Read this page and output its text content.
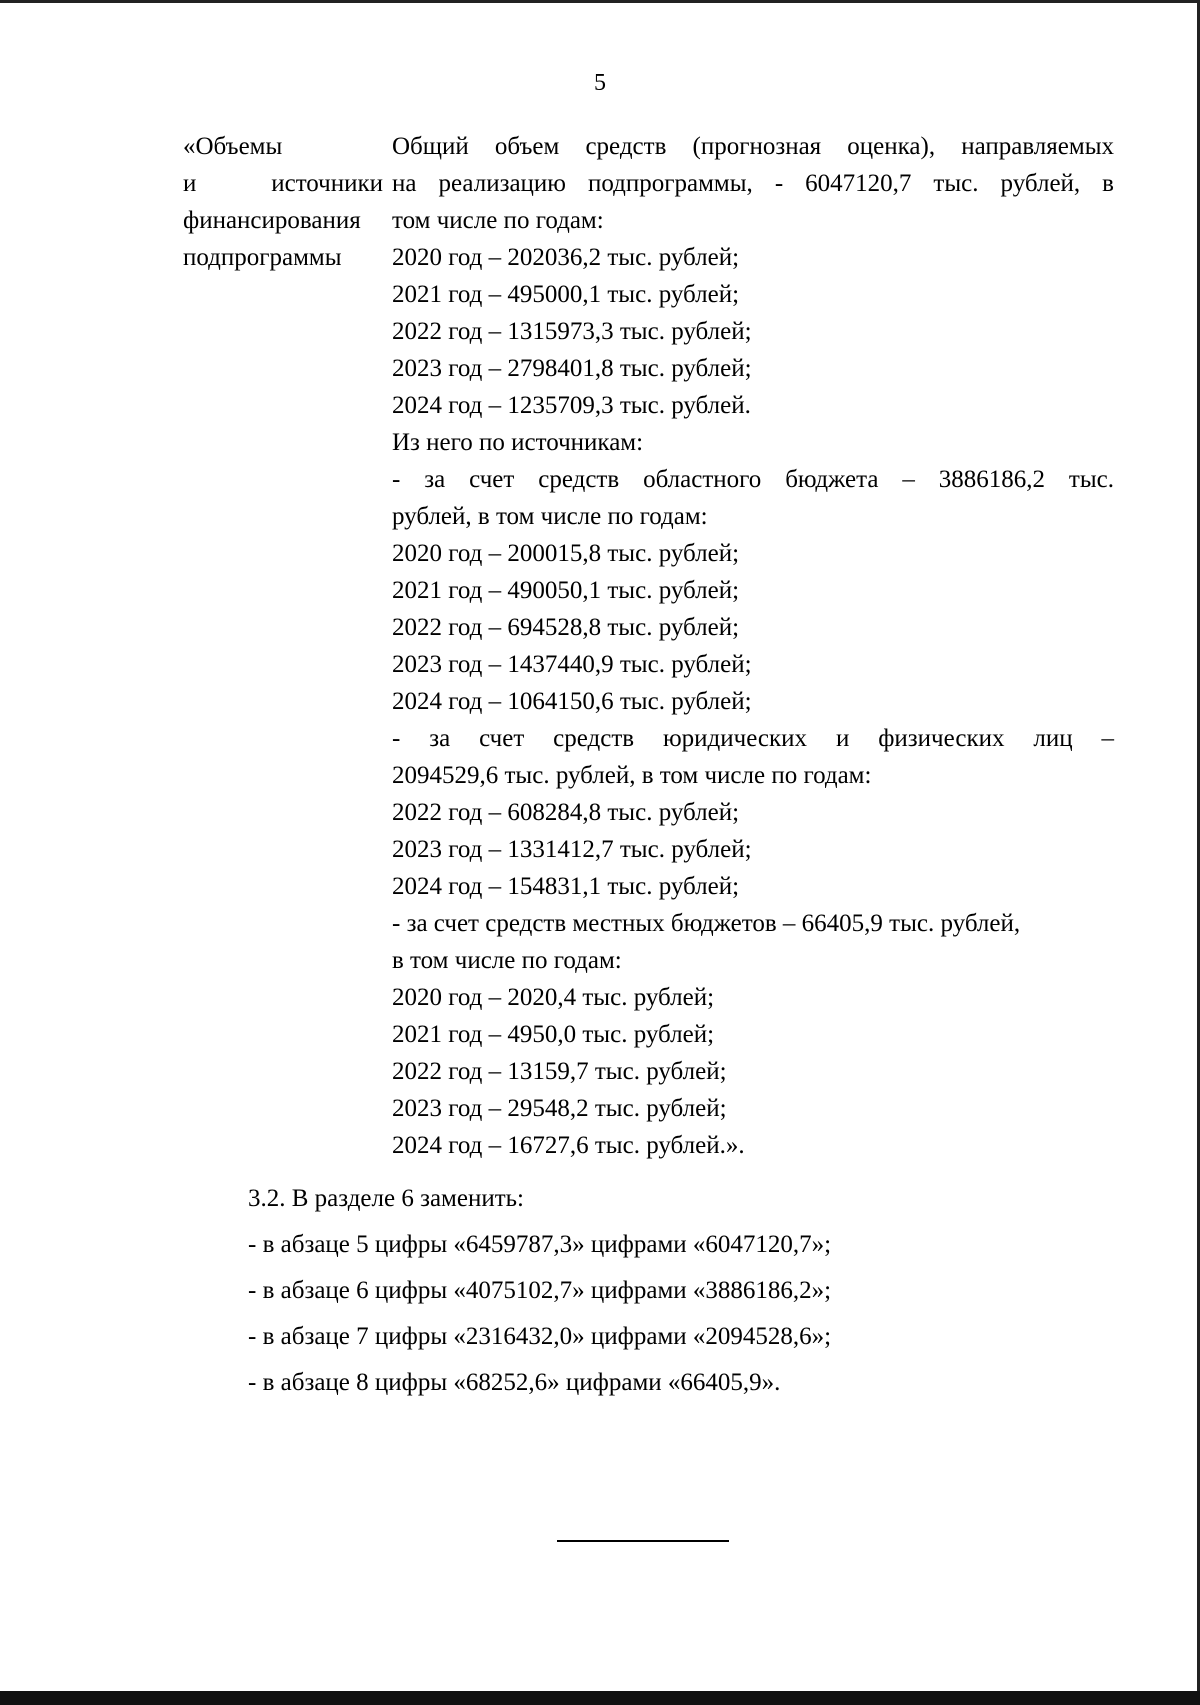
5
«Объемы
и	источники
финансирования
подпрограммы
Общий объем средств (прогнозная оценка), направляемых
на реализацию подпрограммы, - 6047120,7 тыс. рублей, в
том числе по годам:
2020 год – 202036,2 тыс. рублей;
2021 год – 495000,1 тыс. рублей;
2022 год – 1315973,3 тыс. рублей;
2023 год – 2798401,8 тыс. рублей;
2024 год – 1235709,3 тыс. рублей.
Из него по источникам:
- за счет средств областного бюджета – 3886186,2 тыс.
рублей, в том числе по годам:
2020 год – 200015,8 тыс. рублей;
2021 год – 490050,1 тыс. рублей;
2022 год – 694528,8 тыс. рублей;
2023 год – 1437440,9 тыс. рублей;
2024 год – 1064150,6 тыс. рублей;
- за счет средств юридических и физических лиц –
2094529,6 тыс. рублей, в том числе по годам:
2022 год – 608284,8 тыс. рублей;
2023 год – 1331412,7 тыс. рублей;
2024 год – 154831,1 тыс. рублей;
- за счет средств местных бюджетов – 66405,9 тыс. рублей,
в том числе по годам:
2020 год – 2020,4 тыс. рублей;
2021 год – 4950,0 тыс. рублей;
2022 год – 13159,7 тыс. рублей;
2023 год – 29548,2 тыс. рублей;
2024 год – 16727,6 тыс. рублей.».
3.2. В разделе 6 заменить:
- в абзаце 5 цифры «6459787,3» цифрами «6047120,7»;
- в абзаце 6 цифры «4075102,7» цифрами «3886186,2»;
- в абзаце 7 цифры «2316432,0» цифрами «2094528,6»;
- в абзаце 8 цифры «68252,6» цифрами «66405,9».
